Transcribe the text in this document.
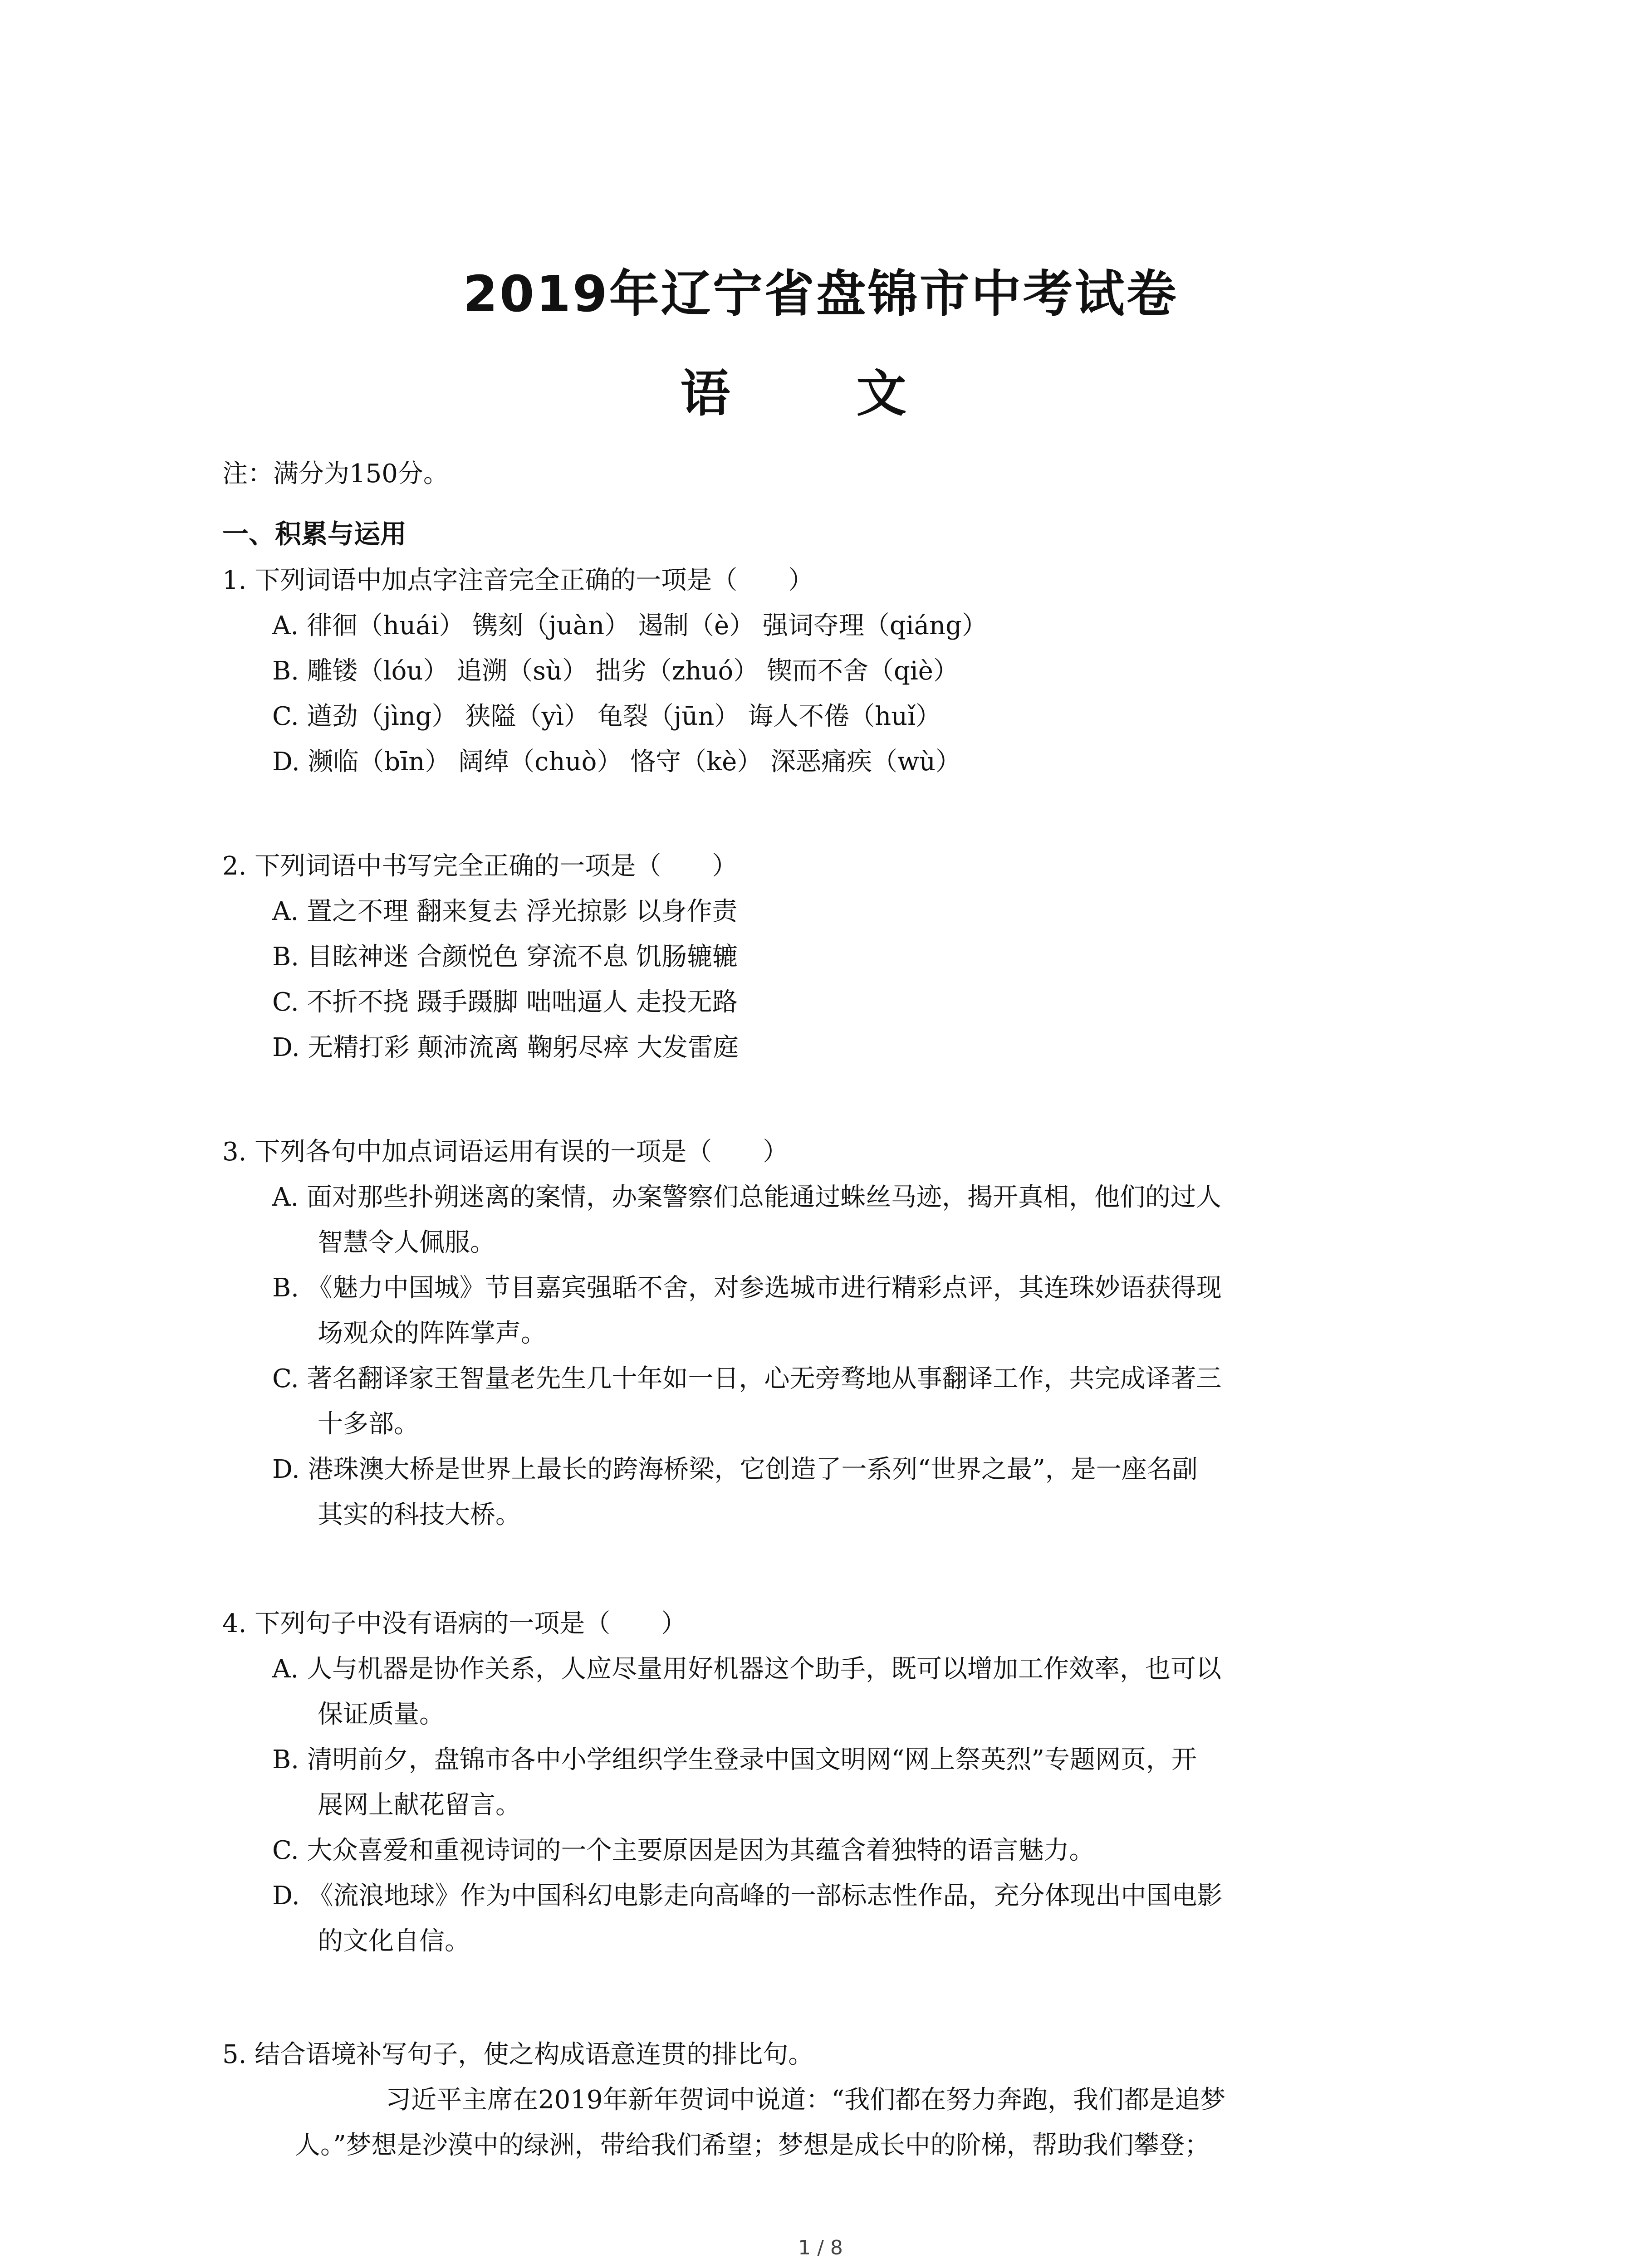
2019年辽宁省盘锦市中考试卷
语 文
注：满分为150分。
一、积累与运用
1. 下列词语中加点字注音完全正确的一项是（　　）
A. 徘徊（huái） 镌刻（juàn） 遏制（è） 强词夺理（qiáng）
B. 雕镂（lóu） 追溯（sù） 拙劣（zhuó） 锲而不舍（qiè）
C. 遒劲（jìng） 狭隘（yì） 龟裂（jūn） 诲人不倦（huǐ）
D. 濒临（bīn） 阔绰（chuò） 恪守（kè） 深恶痛疾（wù）
2. 下列词语中书写完全正确的一项是（　　）
A. 置之不理 翻来复去 浮光掠影 以身作责
B. 目眩神迷 合颜悦色 穿流不息 饥肠辘辘
C. 不折不挠 蹑手蹑脚 咄咄逼人 走投无路
D. 无精打彩 颠沛流离 鞠躬尽瘁 大发雷庭
3. 下列各句中加点词语运用有误的一项是（　　）
A. 面对那些扑朔迷离的案情，办案警察们总能通过蛛丝马迹，揭开真相，他们的过人
智慧令人佩服。
B. 《魅力中国城》节目嘉宾强聒不舍，对参选城市进行精彩点评，其连珠妙语获得现
场观众的阵阵掌声。
C. 著名翻译家王智量老先生几十年如一日，心无旁骛地从事翻译工作，共完成译著三
十多部。
D. 港珠澳大桥是世界上最长的跨海桥梁，它创造了一系列“世界之最”，是一座名副
其实的科技大桥。
4. 下列句子中没有语病的一项是（　　）
A. 人与机器是协作关系，人应尽量用好机器这个助手，既可以增加工作效率，也可以
保证质量。
B. 清明前夕，盘锦市各中小学组织学生登录中国文明网“网上祭英烈”专题网页，开
展网上献花留言。
C. 大众喜爱和重视诗词的一个主要原因是因为其蕴含着独特的语言魅力。
D. 《流浪地球》作为中国科幻电影走向高峰的一部标志性作品，充分体现出中国电影
的文化自信。
5. 结合语境补写句子，使之构成语意连贯的排比句。
习近平主席在2019年新年贺词中说道：“我们都在努力奔跑，我们都是追梦
人。”梦想是沙漠中的绿洲，带给我们希望；梦想是成长中的阶梯，帮助我们攀登；
1 / 8
